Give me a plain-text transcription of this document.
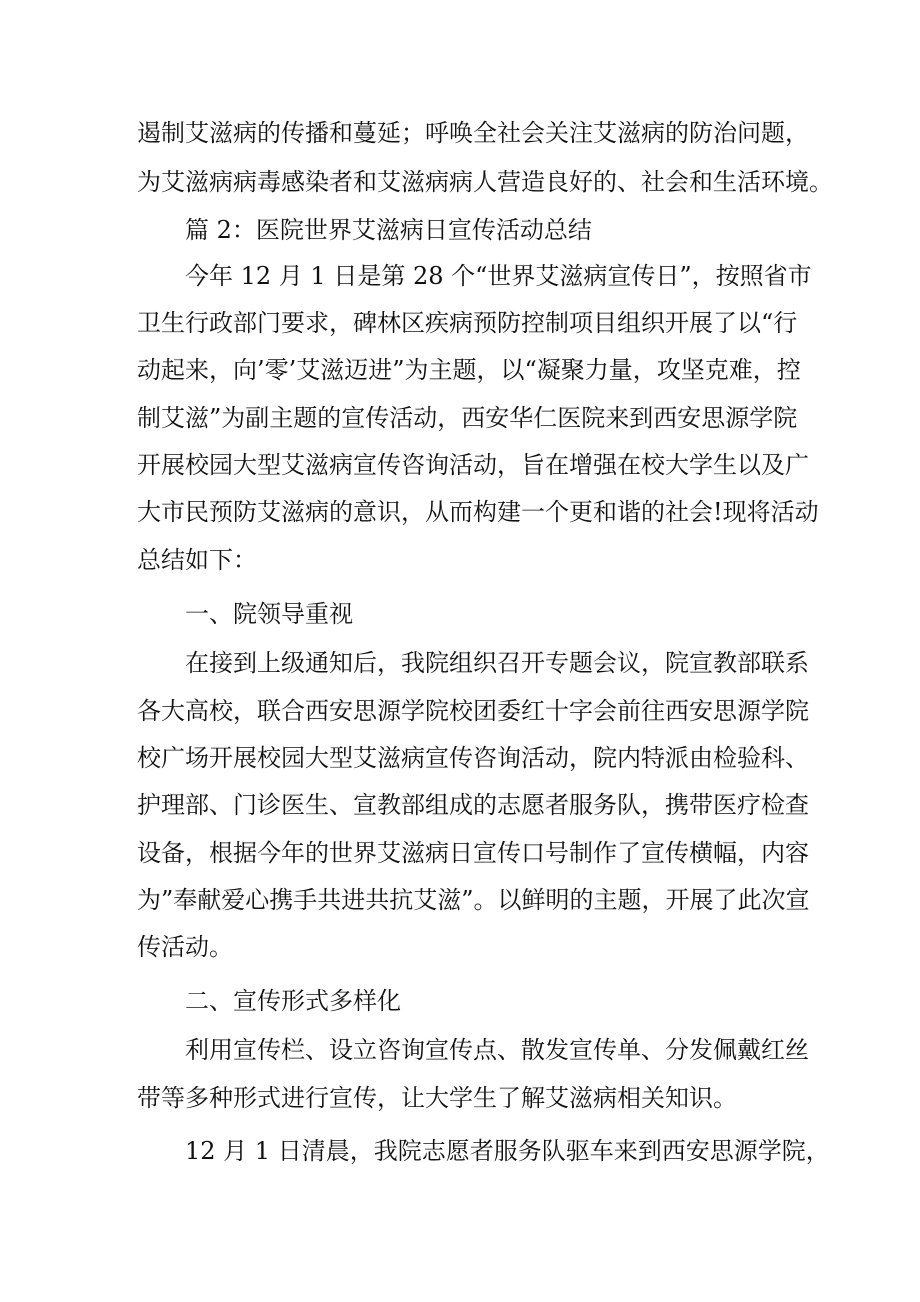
遏制艾滋病的传播和蔓延；呼唤全社会关注艾滋病的防治问题，
为艾滋病病毒感染者和艾滋病病人营造良好的、社会和生活环境。
篇 2：医院世界艾滋病日宣传活动总结
今年 12 月 1 日是第 28 个“世界艾滋病宣传日”，按照省市
卫生行政部门要求，碑林区疾病预防控制项目组织开展了以“行
动起来，向’零’艾滋迈进”为主题，以“凝聚力量，攻坚克难，控
制艾滋”为副主题的宣传活动，西安华仁医院来到西安思源学院
开展校园大型艾滋病宣传咨询活动，旨在增强在校大学生以及广
大市民预防艾滋病的意识，从而构建一个更和谐的社会!现将活动
总结如下：
一、院领导重视
在接到上级通知后，我院组织召开专题会议，院宣教部联系
各大高校，联合西安思源学院校团委红十字会前往西安思源学院
校广场开展校园大型艾滋病宣传咨询活动，院内特派由检验科、
护理部、门诊医生、宣教部组成的志愿者服务队，携带医疗检查
设备，根据今年的世界艾滋病日宣传口号制作了宣传横幅，内容
为”奉献爱心携手共进共抗艾滋”。以鲜明的主题，开展了此次宣
传活动。
二、宣传形式多样化
利用宣传栏、设立咨询宣传点、散发宣传单、分发佩戴红丝
带等多种形式进行宣传，让大学生了解艾滋病相关知识。
12 月 1 日清晨，我院志愿者服务队驱车来到西安思源学院，
